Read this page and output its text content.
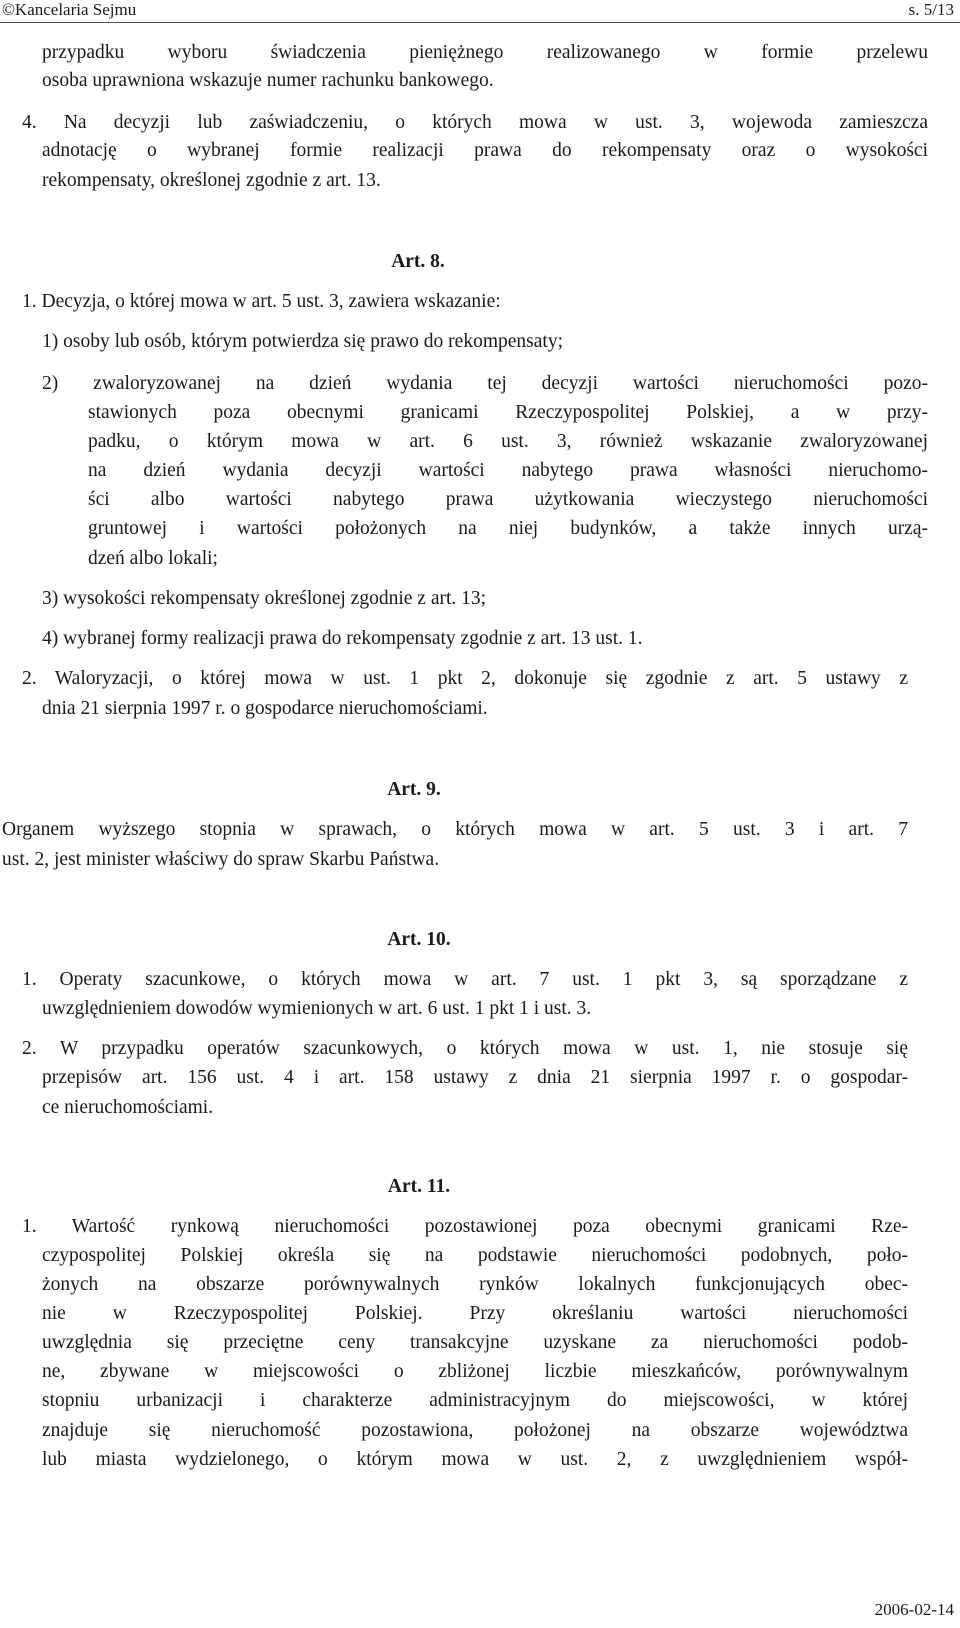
©Kancelaria Sejmu	s. 5/13
przypadku wyboru świadczenia pieniężnego realizowanego w formie przelewu
osoba uprawniona wskazuje numer rachunku bankowego.
4. Na decyzji lub zaświadczeniu, o których mowa w ust. 3, wojewoda zamieszcza
adnotację o wybranej formie realizacji prawa do rekompensaty oraz o wysokości
rekompensaty, określonej zgodnie z art. 13.
Art. 8.
1. Decyzja, o której mowa w art. 5 ust. 3, zawiera wskazanie:
1) osoby lub osób, którym potwierdza się prawo do rekompensaty;
2) zwaloryzowanej na dzień wydania tej decyzji wartości nieruchomości pozo-
stawionych poza obecnymi granicami Rzeczypospolitej Polskiej, a w przy-
padku, o którym mowa w art. 6 ust. 3, również wskazanie zwaloryzowanej
na dzień wydania decyzji wartości nabytego prawa własności nieruchomo-
ści albo wartości nabytego prawa użytkowania wieczystego nieruchomości
gruntowej i wartości położonych na niej budynków, a także innych urzą-
dzeń albo lokali;
3) wysokości rekompensaty określonej zgodnie z art. 13;
4) wybranej formy realizacji prawa do rekompensaty zgodnie z art. 13 ust. 1.
2. Waloryzacji, o której mowa w ust. 1 pkt 2, dokonuje się zgodnie z art. 5 ustawy z
dnia 21 sierpnia 1997 r. o gospodarce nieruchomościami.
Art. 9.
Organem wyższego stopnia w sprawach, o których mowa w art. 5 ust. 3 i art. 7
ust. 2, jest minister właściwy do spraw Skarbu Państwa.
Art. 10.
1. Operaty szacunkowe, o których mowa w art. 7 ust. 1 pkt 3, są sporządzane z
uwzględnieniem dowodów wymienionych w art. 6 ust. 1 pkt 1 i ust. 3.
2. W przypadku operatów szacunkowych, o których mowa w ust. 1, nie stosuje się
przepisów art. 156 ust. 4 i art. 158 ustawy z dnia 21 sierpnia 1997 r. o gospodar-
ce nieruchomościami.
Art. 11.
1. Wartość rynkową nieruchomości pozostawionej poza obecnymi granicami Rze-
czypospolitej Polskiej określa się na podstawie nieruchomości podobnych, poło-
żonych na obszarze porównywalnych rynków lokalnych funkcjonujących obec-
nie w Rzeczypospolitej Polskiej. Przy określaniu wartości nieruchomości
uwzględnia się przeciętne ceny transakcyjne uzyskane za nieruchomości podob-
ne, zbywane w miejscowości o zbliżonej liczbie mieszkańców, porównywalnym
stopniu urbanizacji i charakterze administracyjnym do miejscowości, w której
znajduje się nieruchomość pozostawiona, położonej na obszarze województwa
lub miasta wydzielonego, o którym mowa w ust. 2, z uwzględnieniem współ-
2006-02-14
